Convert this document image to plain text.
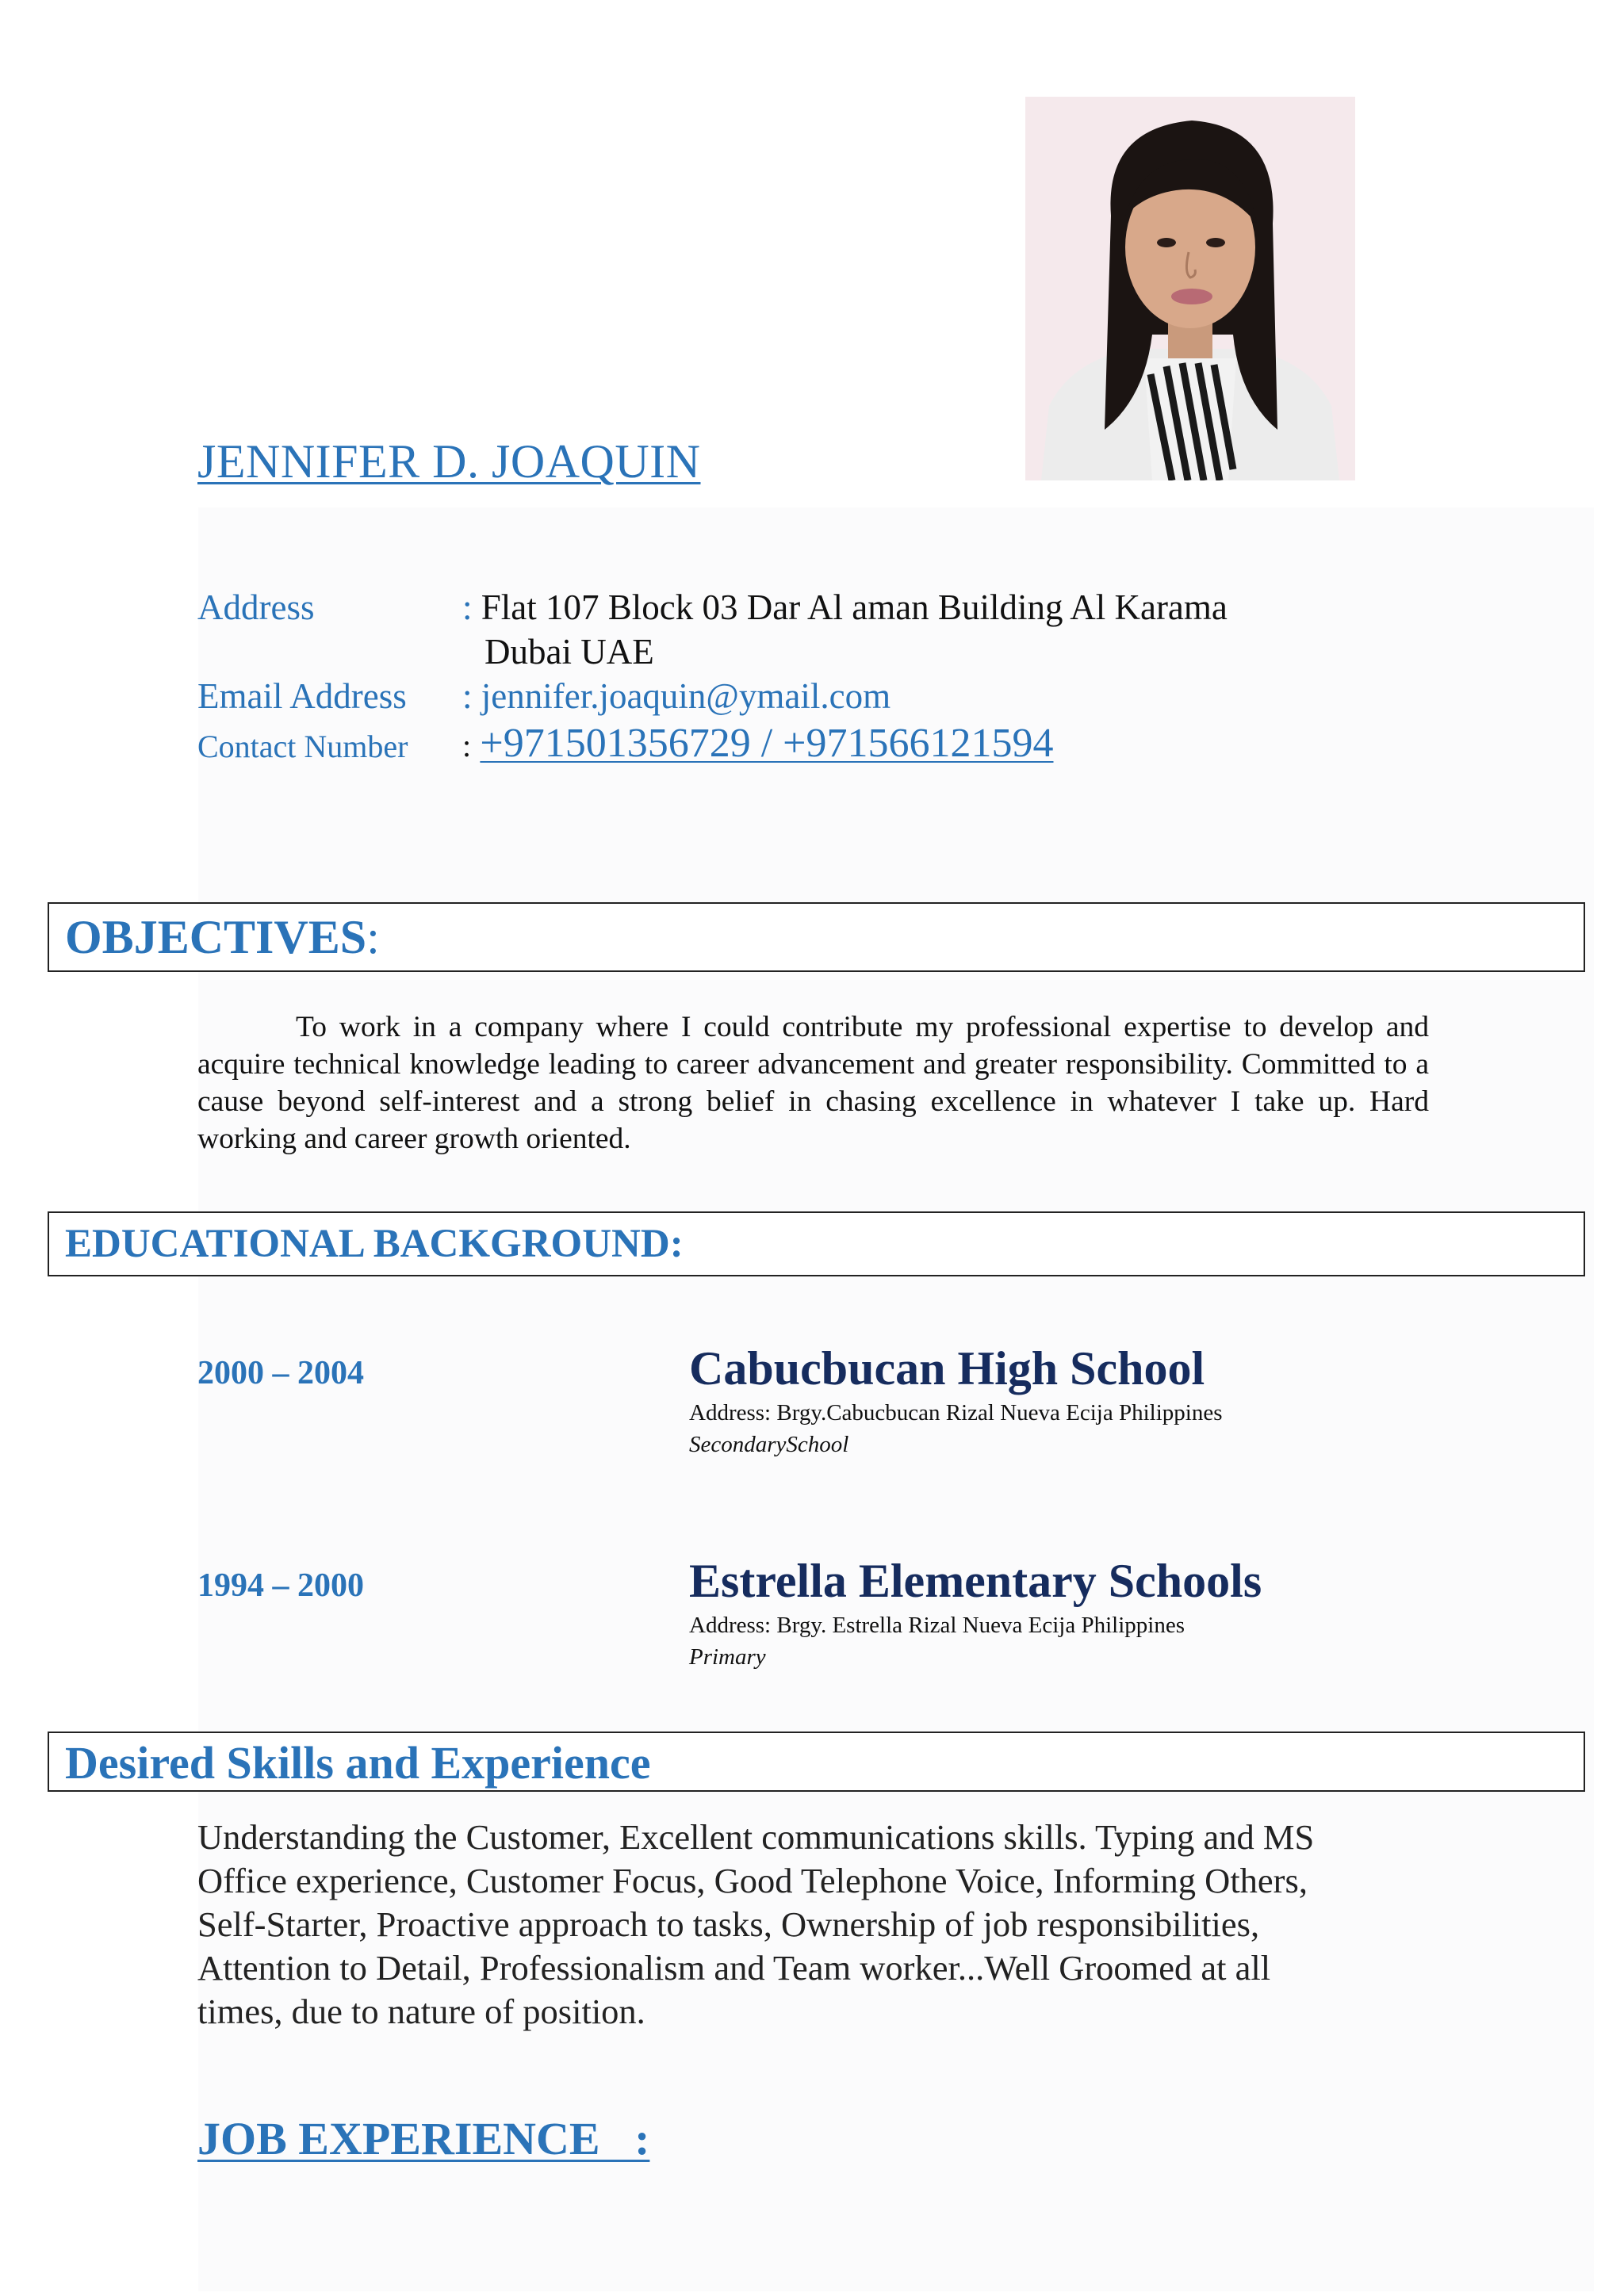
JENNIFER D. JOAQUIN
Address	: Flat 107 Block 03 Dar Al aman Building Al Karama
Dubai UAE
Email Address : jennifer.joaquin@ymail.com
Contact Number : +971501356729 / +971566121594
OBJECTIVES:
To work in a company where I could contribute my professional expertise to develop and acquire technical knowledge leading to career advancement and greater responsibility. Committed to a cause beyond self-interest and a strong belief in chasing excellence in whatever I take up. Hard working and career growth oriented.
EDUCATIONAL BACKGROUND:
2000 – 2004	Cabucbucan High School
Address: Brgy.Cabucbucan Rizal Nueva Ecija Philippines
SecondarySchool
1994 – 2000	Estrella Elementary Schools
Address: Brgy. Estrella Rizal Nueva Ecija Philippines
Primary
Desired Skills and Experience
Understanding the Customer, Excellent communications skills. Typing and MS
Office experience, Customer Focus, Good Telephone Voice, Informing Others,
Self-Starter, Proactive approach to tasks, Ownership of job responsibilities,
Attention to Detail, Professionalism and Team worker...Well Groomed at all
times, due to nature of position.
JOB EXPERIENCE   :
